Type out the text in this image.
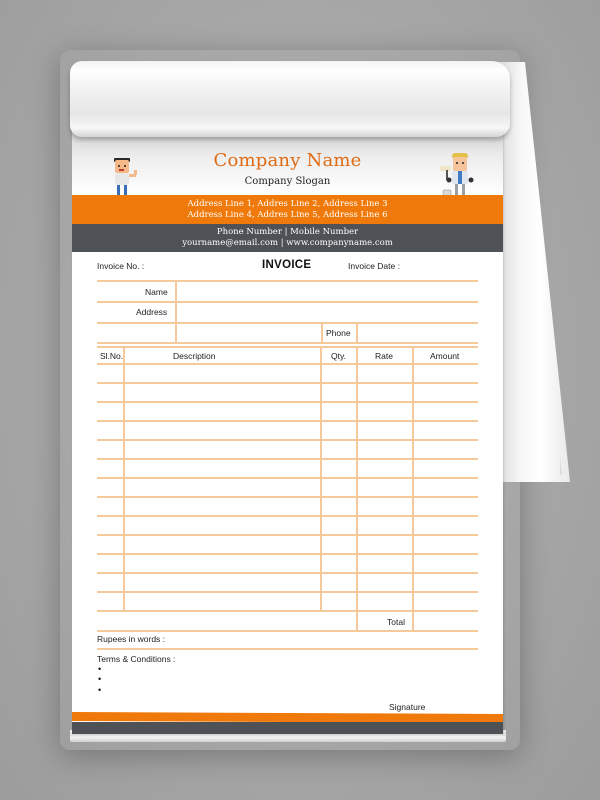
Company Name
Company Slogan
Address Line 1, Addres Line 2, Address Line 3
Address Line 4, Addres Line 5, Address Line 6
Phone Number | Mobile Number
yourname@email.com | www.companyname.com
Invoice No. :	INVOICE	Invoice Date :
Name
Address
Phone
Sl.No.	Description	Qty.	Rate	Amount
Total
Rupees in words :
Terms & Conditions :
•
•
•
Signature
